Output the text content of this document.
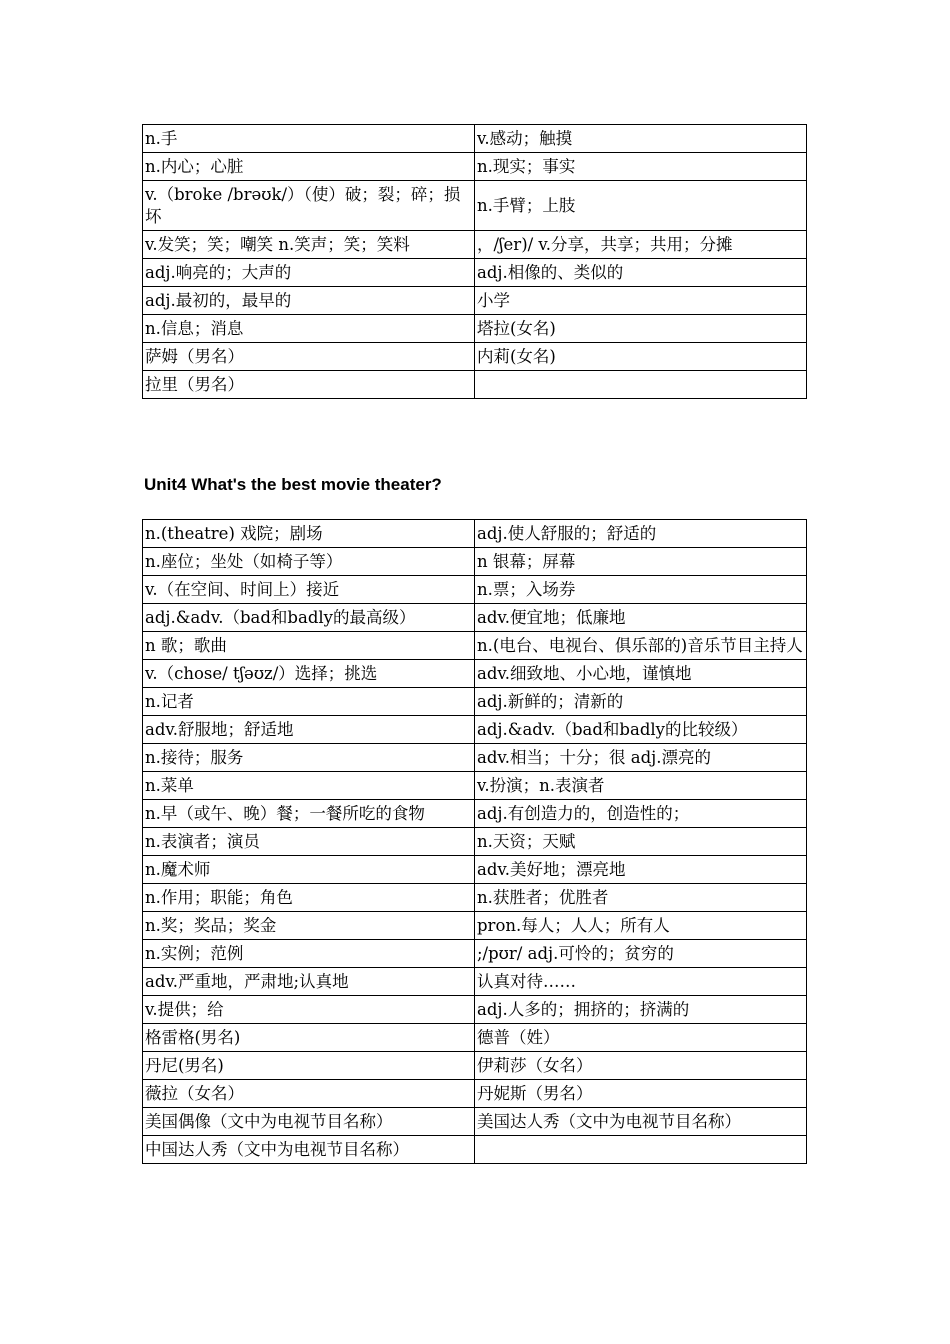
n.手	v.感动；触摸
n.内心；心脏	n.现实；事实
v.（broke /brəʊk/）（使）破；裂；碎；损坏	n.手臂；上肢
v.发笑；笑；嘲笑 n.笑声；笑；笑料	，/ʃer)/ v.分享，共享；共用；分摊
adj.响亮的；大声的	adj.相像的、类似的
adj.最初的，最早的	小学
n.信息；消息	塔拉(女名)
萨姆（男名）	内莉(女名)
拉里（男名）	
Unit4 What's the best movie theater?
n.(theatre) 戏院；剧场	adj.使人舒服的；舒适的
n.座位；坐处（如椅子等）	n 银幕；屏幕
v.（在空间、时间上）接近	n.票；入场券
adj.&adv.（bad和badly的最高级）	adv.便宜地；低廉地
n 歌；歌曲	n.(电台、电视台、俱乐部的)音乐节目主持人
v.（chose/ tʃəʊz/）选择；挑选	adv.细致地、小心地，谨慎地
n.记者	adj.新鲜的；清新的
adv.舒服地；舒适地	adj.&adv.（bad和badly的比较级）
n.接待；服务	adv.相当；十分；很 adj.漂亮的
n.菜单	v.扮演；n.表演者
n.早（或午、晚）餐；一餐所吃的食物	adj.有创造力的，创造性的；
n.表演者；演员	n.天资；天赋
n.魔术师	adv.美好地；漂亮地
n.作用；职能；角色	n.获胜者；优胜者
n.奖；奖品；奖金	pron.每人；人人；所有人
n.实例；范例	;/pʊr/ adj.可怜的；贫穷的
adv.严重地，严肃地;认真地	认真对待……
v.提供；给	adj.人多的；拥挤的；挤满的
格雷格(男名)	德普（姓）
丹尼(男名)	伊莉莎（女名）
薇拉（女名）	丹妮斯（男名）
美国偶像（文中为电视节目名称）	美国达人秀（文中为电视节目名称）
中国达人秀（文中为电视节目名称）	
